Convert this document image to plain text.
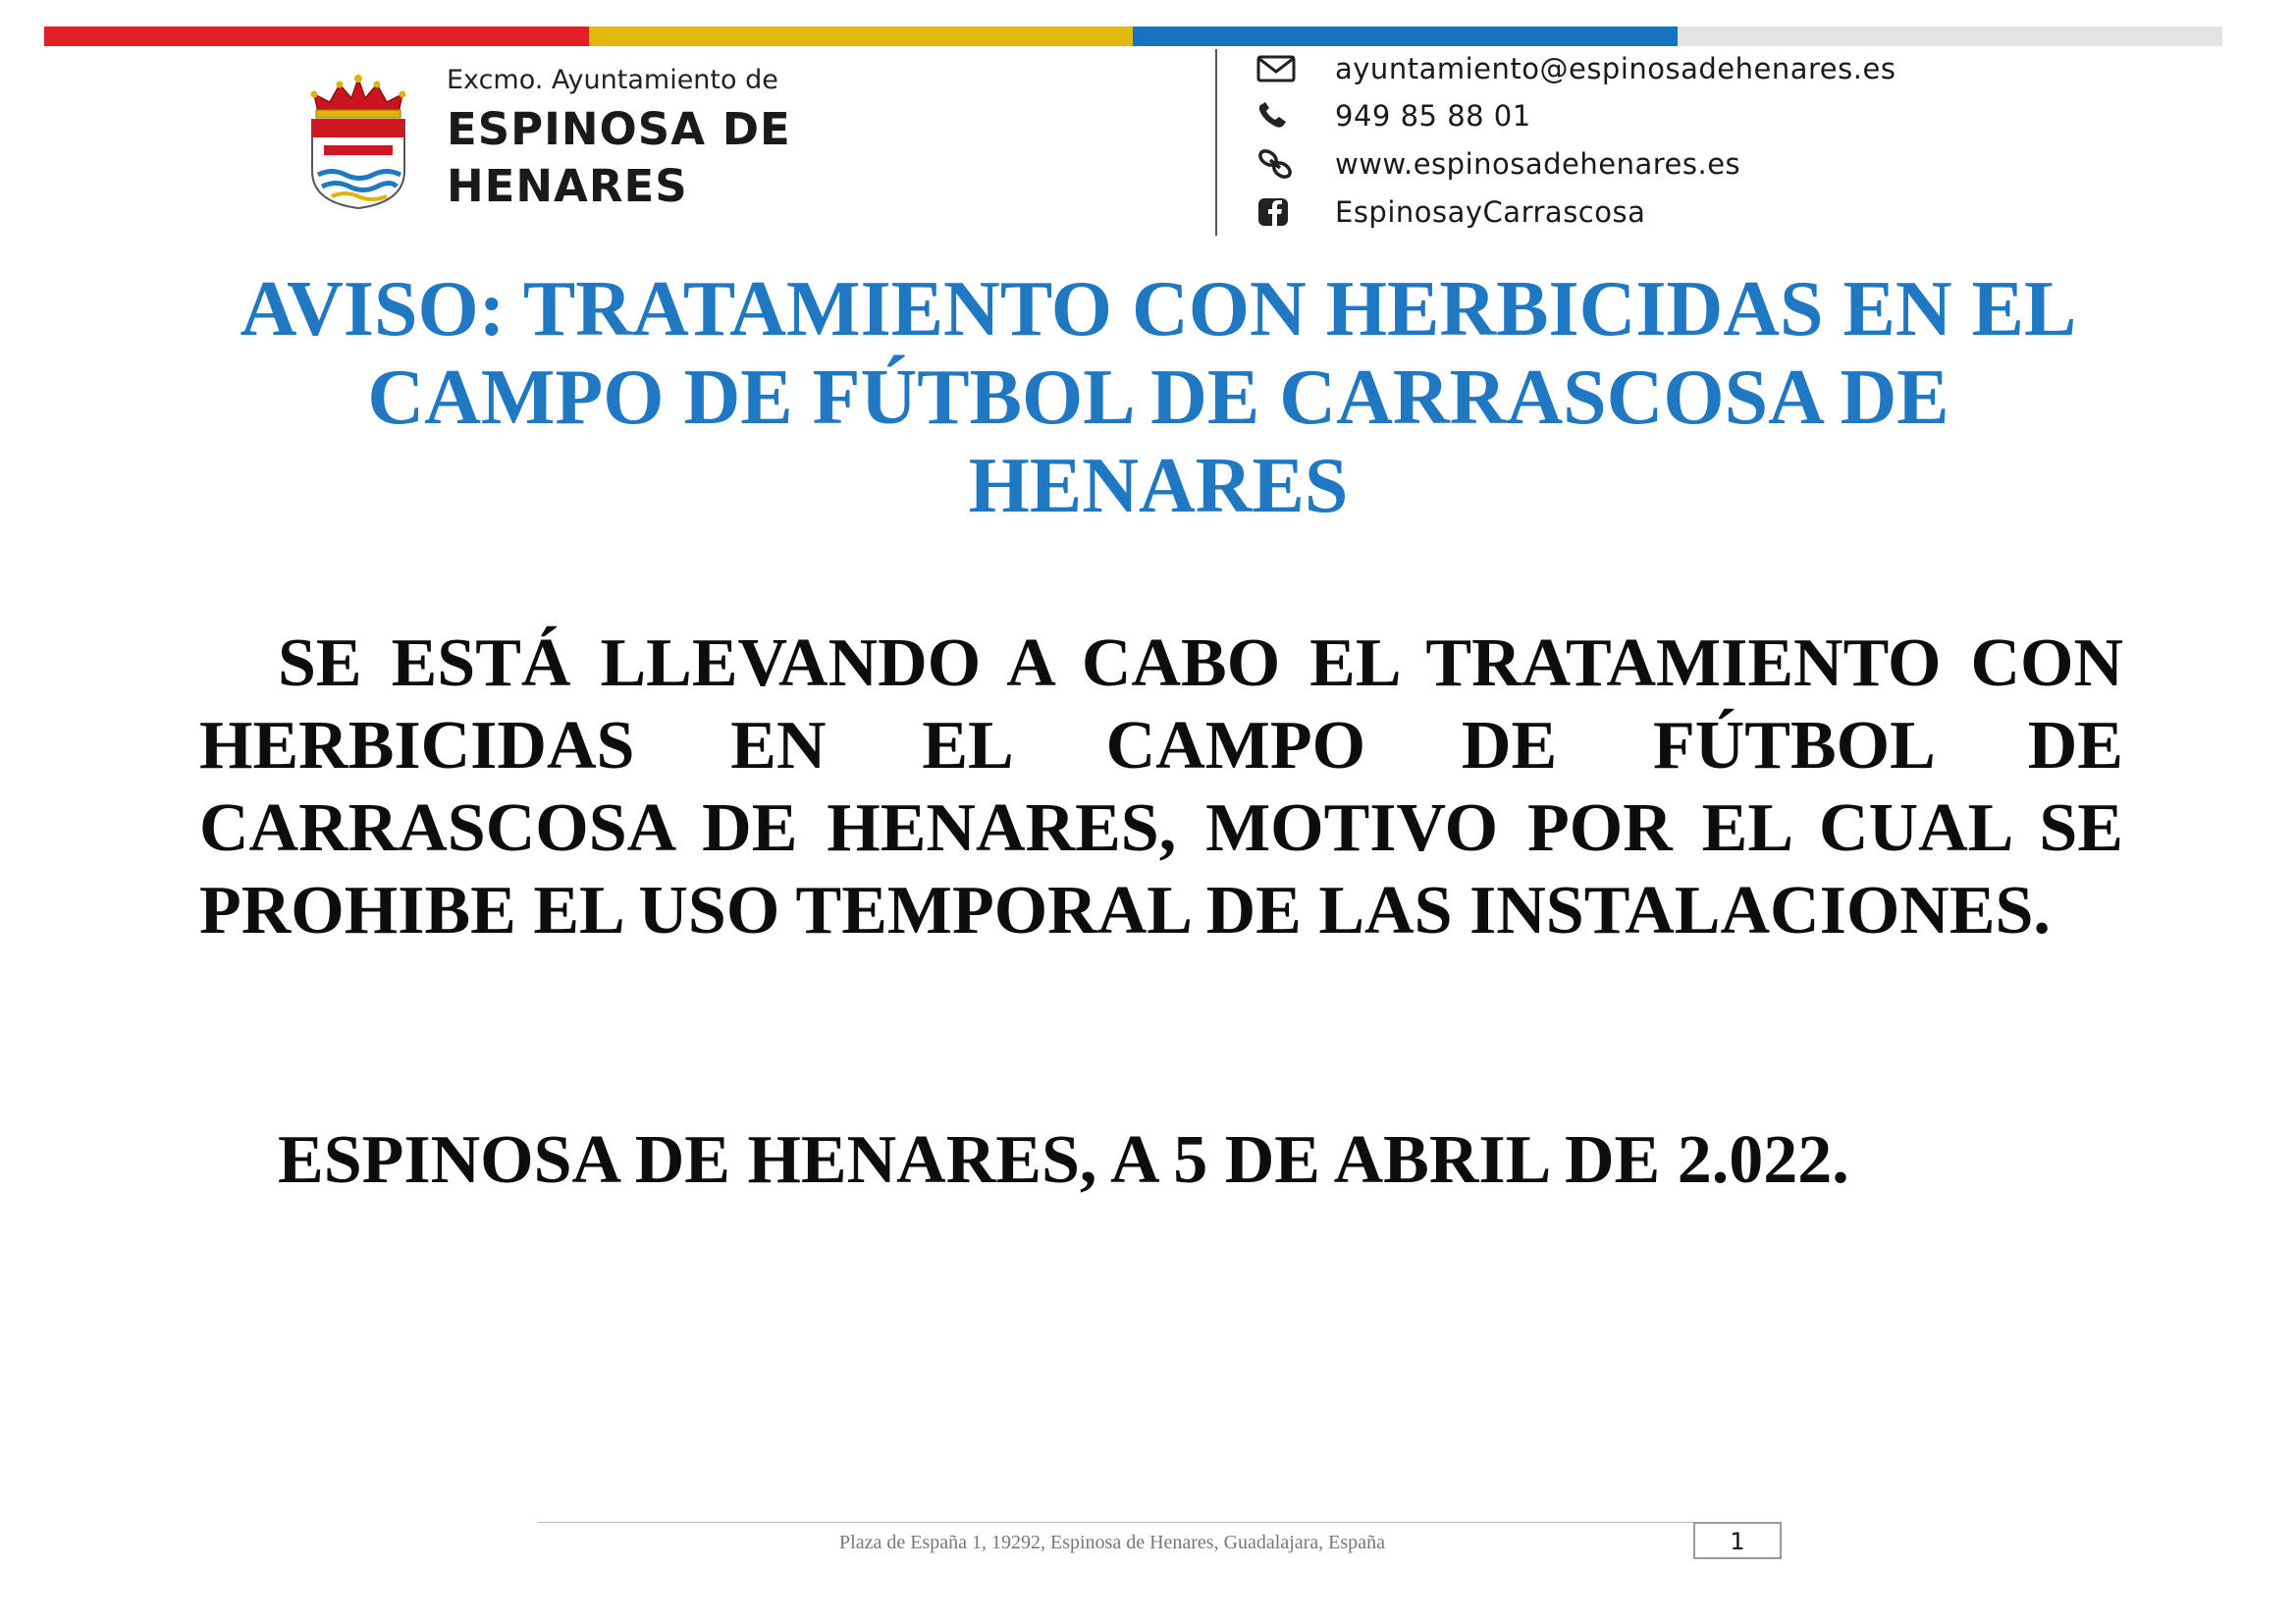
Excmo. Ayuntamiento de
ESPINOSA DE HENARES
ayuntamiento@espinosadehenares.es
949 85 88 01
www.espinosadehenares.es
EspinosayCarrascosa
AVISO: TRATAMIENTO CON HERBICIDAS EN EL
CAMPO DE FÚTBOL DE CARRASCOSA DE
HENARES

SE ESTÁ LLEVANDO A CABO EL TRATAMIENTO CON HERBICIDAS EN EL CAMPO DE FÚTBOL DE CARRASCOSA DE HENARES, MOTIVO POR EL CUAL SE PROHIBE EL USO TEMPORAL DE LAS INSTALACIONES.

ESPINOSA DE HENARES, A 5 DE ABRIL DE 2.022.
Plaza de España 1, 19292, Espinosa de Henares, Guadalajara, España	1
